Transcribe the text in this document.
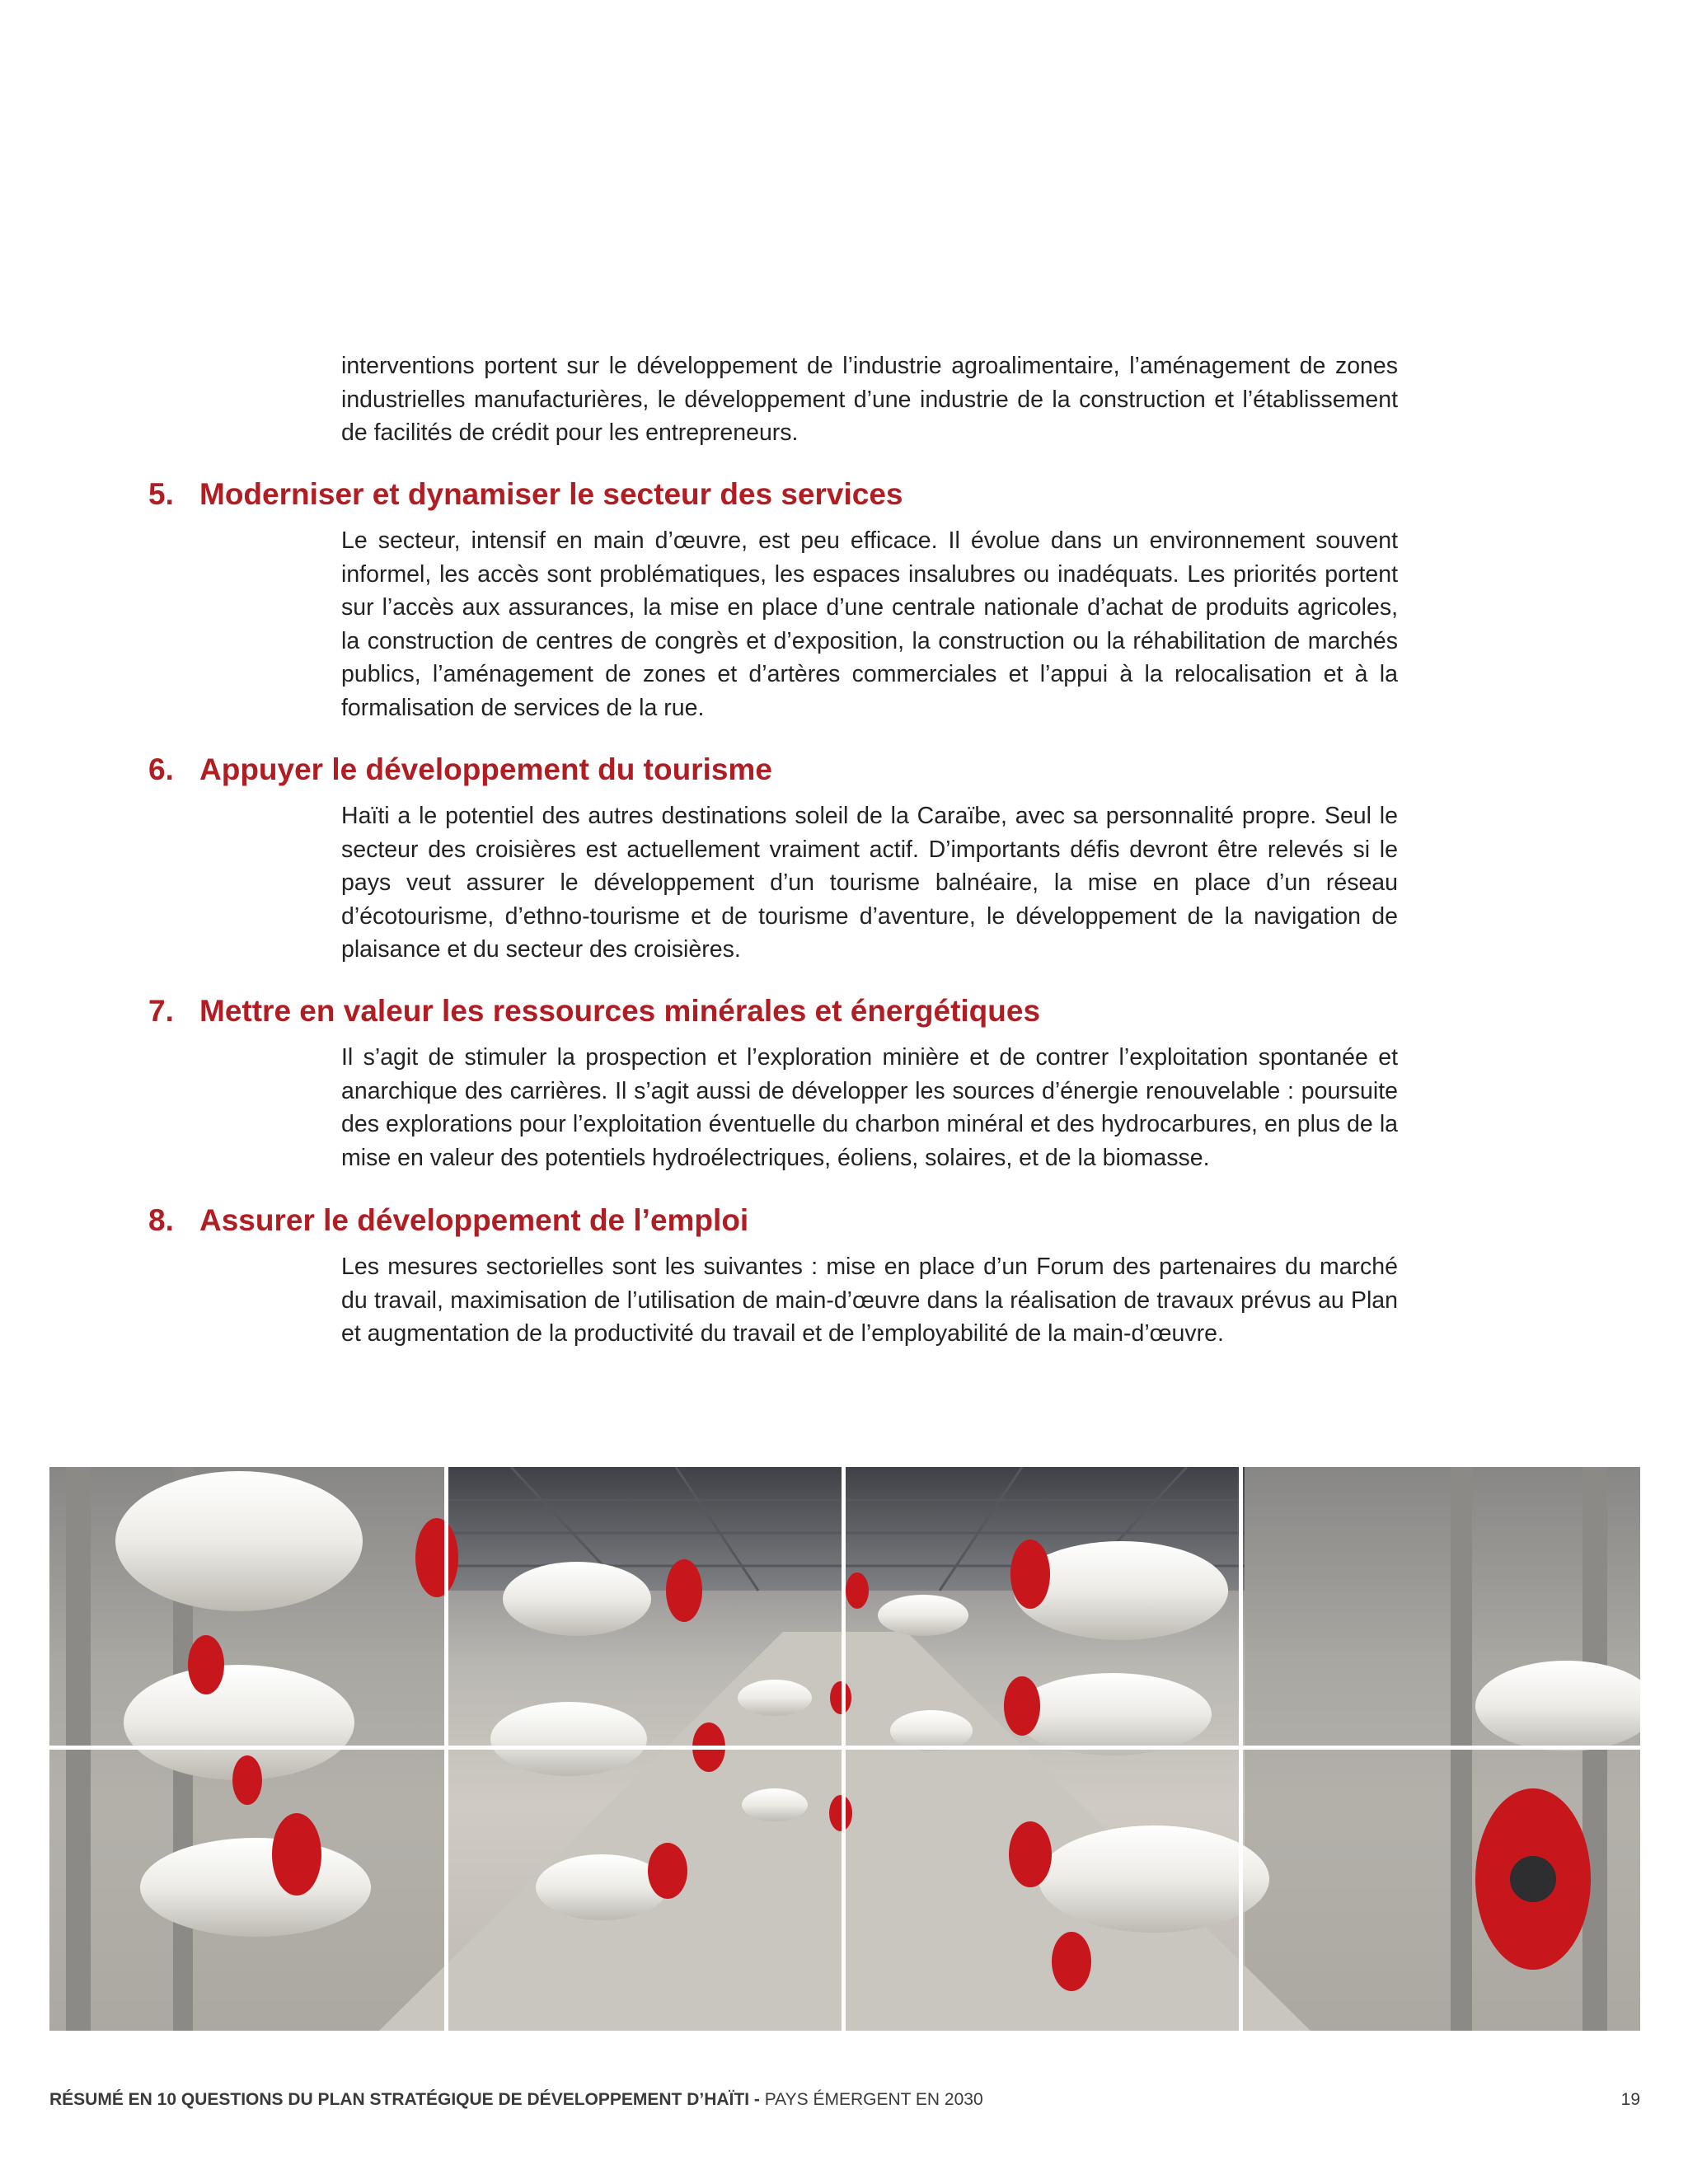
interventions portent sur le développement de l’industrie agroalimentaire, l’aménagement de zones industrielles manufacturières, le développement d’une industrie de la construction et l’établissement de facilités de crédit pour les entrepreneurs.

5. Moderniser et dynamiser le secteur des services

Le secteur, intensif en main d’œuvre, est peu efficace. Il évolue dans un environnement souvent informel, les accès sont problématiques, les espaces insalubres ou inadéquats. Les priorités portent sur l’accès aux assurances, la mise en place d’une centrale nationale d’achat de produits agricoles, la construction de centres de congrès et d’exposition, la construction ou la réhabilitation de marchés publics, l’aménagement de zones et d’artères commerciales et l’appui à la relocalisation et à la formalisation de services de la rue.

6. Appuyer le développement du tourisme

Haïti a le potentiel des autres destinations soleil de la Caraïbe, avec sa personnalité propre. Seul le secteur des croisières est actuellement vraiment actif. D’importants défis devront être relevés si le pays veut assurer le développement d’un tourisme balnéaire, la mise en place d’un réseau d’écotourisme, d’ethno-tourisme et de tourisme d’aventure, le développement de la navigation de plaisance et du secteur des croisières.

7. Mettre en valeur les ressources minérales et énergétiques

Il s’agit de stimuler la prospection et l’exploration minière et de contrer l’exploitation spontanée et anarchique des carrières. Il s’agit aussi de développer les sources d’énergie renouvelable : poursuite des explorations pour l’exploitation éventuelle du charbon minéral et des hydrocarbures, en plus de la mise en valeur des potentiels hydroélectriques, éoliens, solaires, et de la biomasse.

8. Assurer le développement de l’emploi

Les mesures sectorielles sont les suivantes : mise en place d’un Forum des partenaires du marché du travail, maximisation de l’utilisation de main-d’œuvre dans la réalisation de travaux prévus au Plan et augmentation de la productivité du travail et de l’employabilité de la main-d’œuvre.

RÉSUMÉ EN 10 QUESTIONS DU PLAN STRATÉGIQUE DE DÉVELOPPEMENT D’HAÏTI - PAYS ÉMERGENT EN 2030	19
